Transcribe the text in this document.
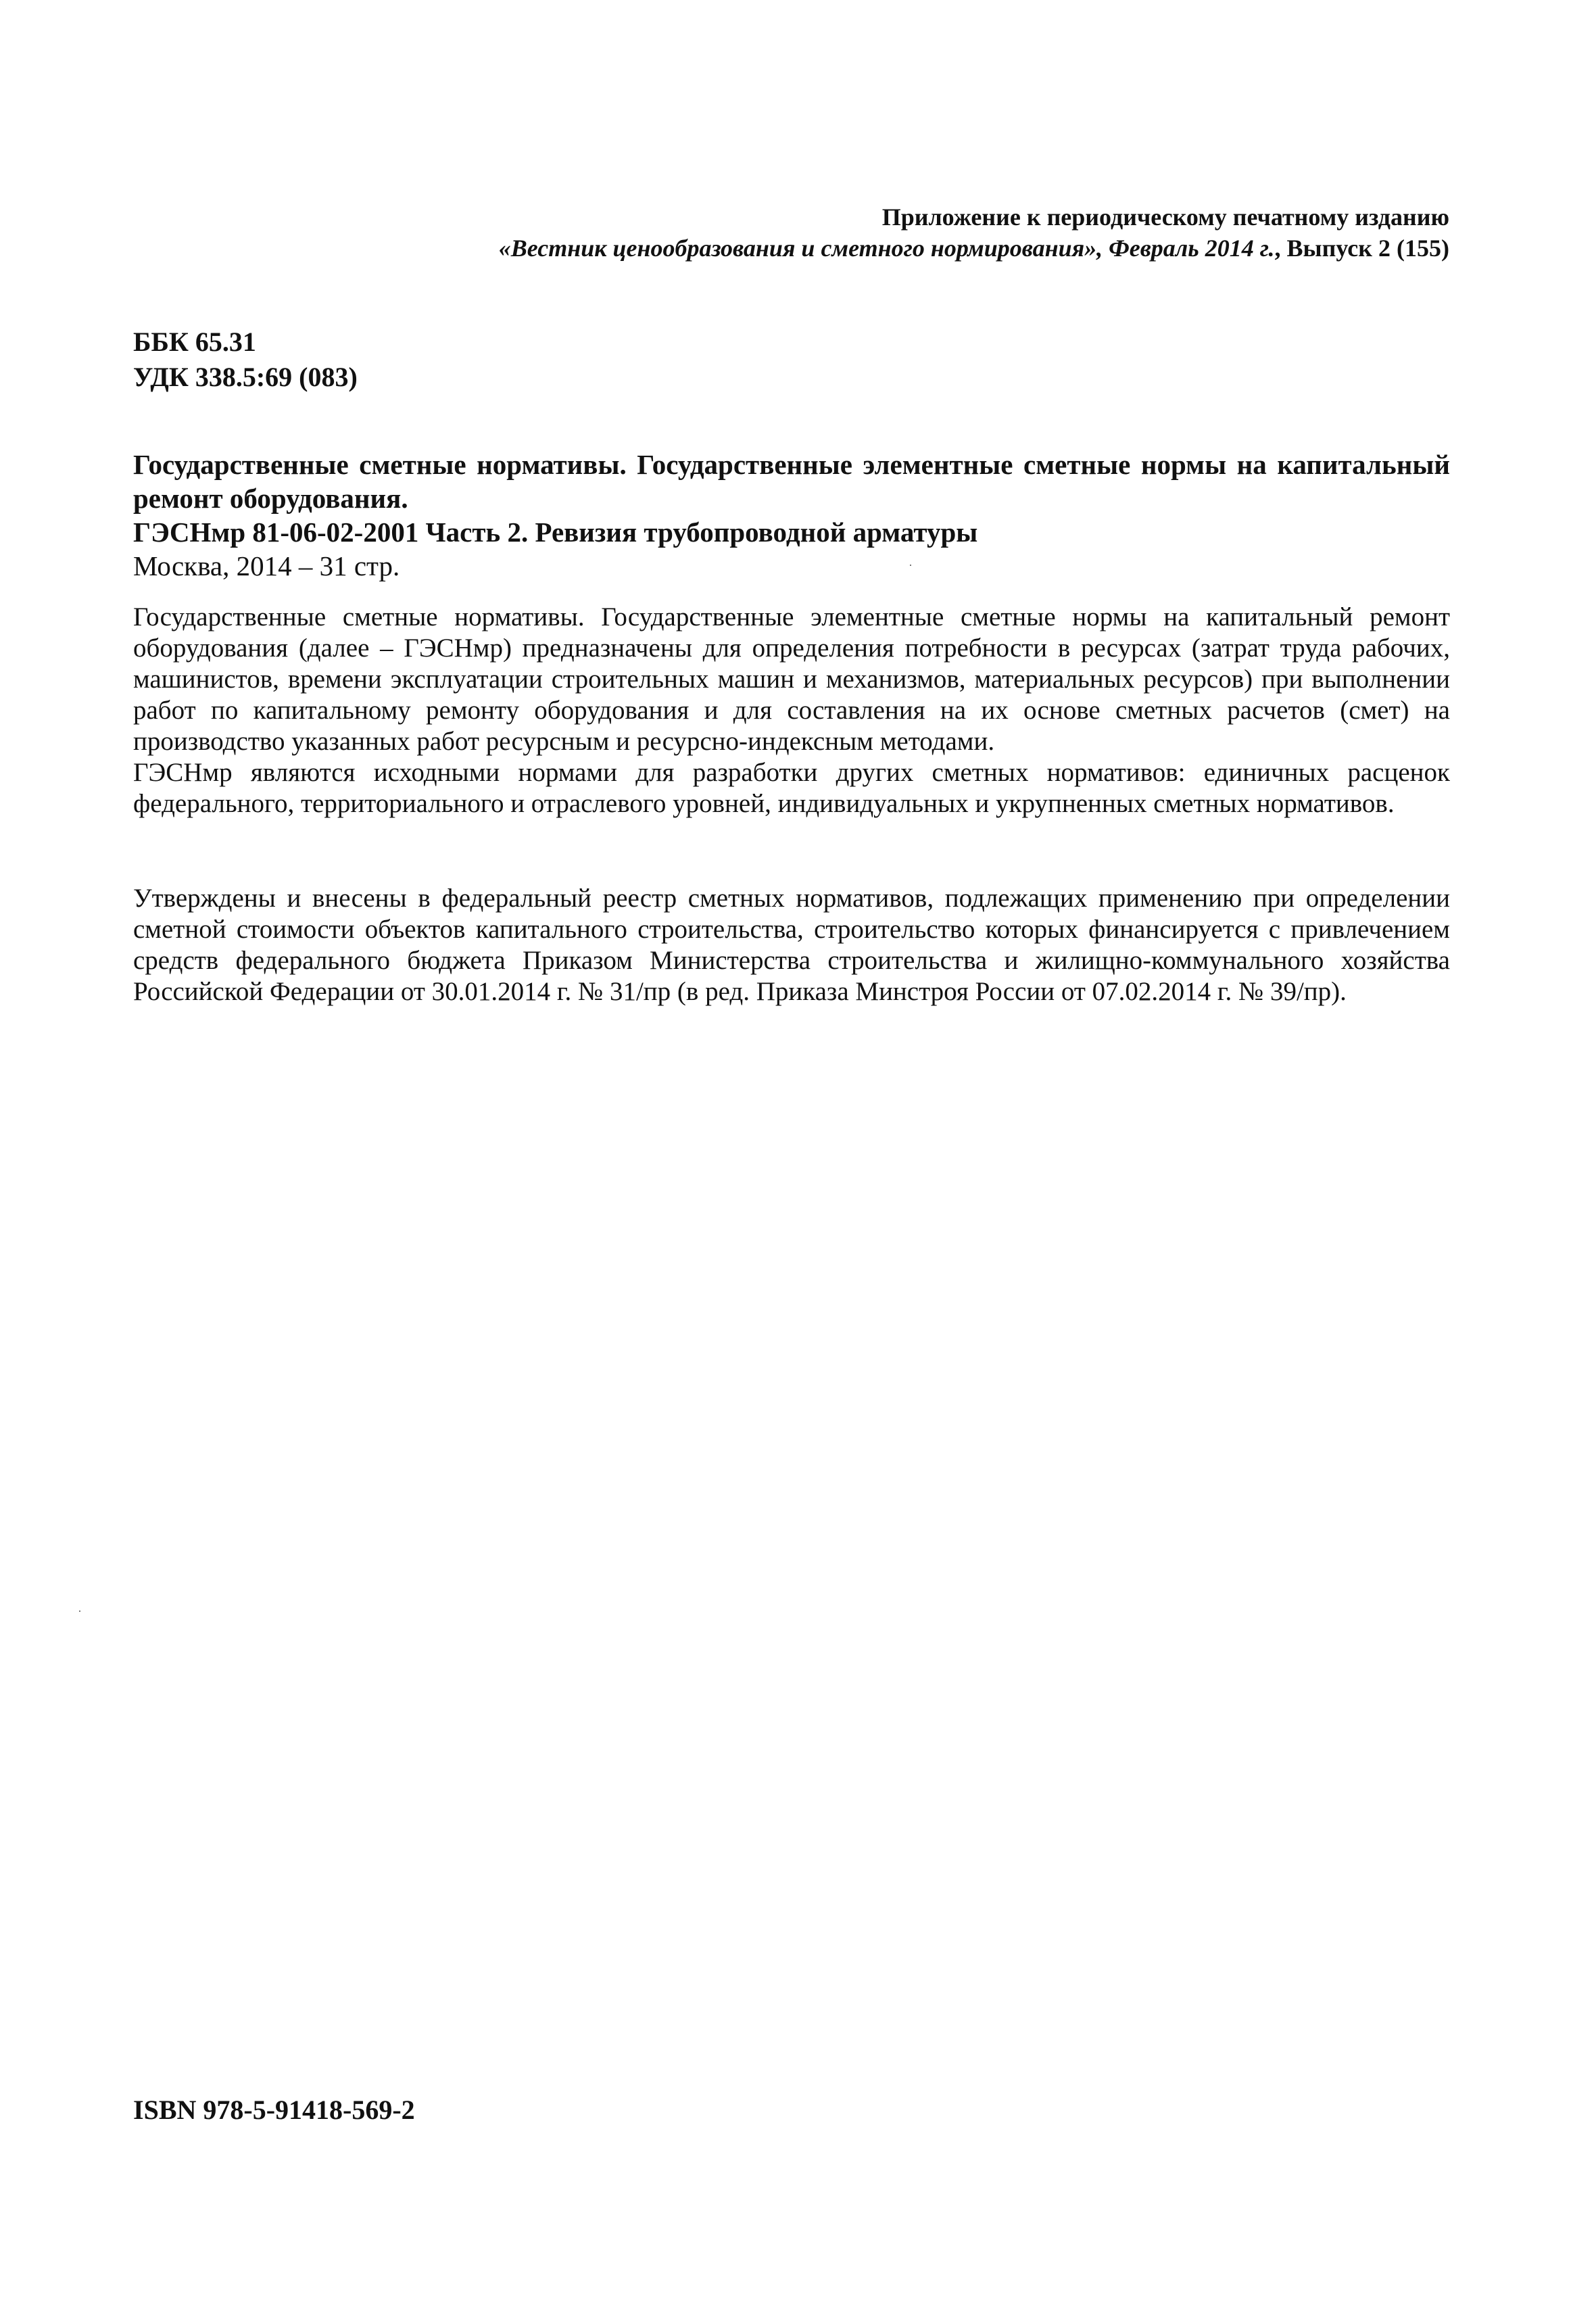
Приложение к периодическому печатному изданию
«Вестник ценообразования и сметного нормирования», Февраль 2014 г., Выпуск 2 (155)
ББК 65.31
УДК 338.5:69 (083)
Государственные сметные нормативы. Государственные элементные сметные нормы на капитальный ремонт оборудования.
ГЭСНмр 81-06-02-2001 Часть 2. Ревизия трубопроводной арматуры
Москва, 2014 – 31 стр.
Государственные сметные нормативы. Государственные элементные сметные нормы на капитальный ремонт оборудования (далее – ГЭСНмр) предназначены для определения потребности в ресурсах (затрат труда рабочих, машинистов, времени эксплуатации строительных машин и механизмов, материальных ресурсов) при выполнении работ по капитальному ремонту оборудования и для составления на их основе сметных расчетов (смет) на производство указанных работ ресурсным и ресурсно-индексным методами.
ГЭСНмр являются исходными нормами для разработки других сметных нормативов: единичных расценок федерального, территориального и отраслевого уровней, индивидуальных и укрупненных сметных нормативов.
Утверждены и внесены в федеральный реестр сметных нормативов, подлежащих применению при определении сметной стоимости объектов капитального строительства, строительство которых финансируется с привлечением средств федерального бюджета Приказом Министерства строительства и жилищно-коммунального хозяйства Российской Федерации от 30.01.2014 г. № 31/пр (в ред. Приказа Минстроя России от 07.02.2014 г. № 39/пр).
ISBN 978-5-91418-569-2
